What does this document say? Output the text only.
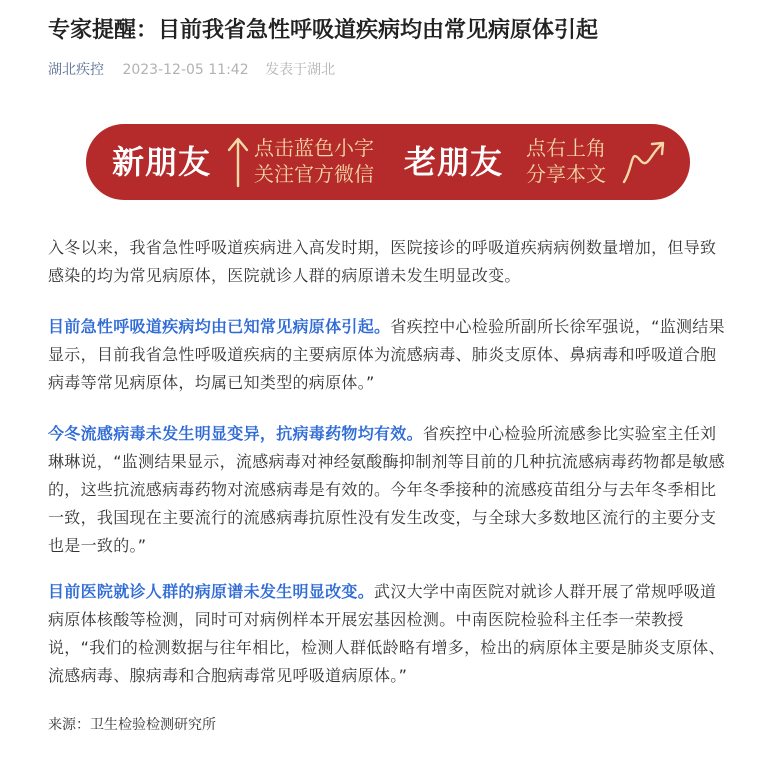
专家提醒：目前我省急性呼吸道疾病均由常见病原体引起
湖北疾控 2023-12-05 11:42 发表于湖北
新朋友 点击蓝色小字
关注官方微信 老朋友 点右上角
分享本文

入冬以来，我省急性呼吸道疾病进入高发时期，医院接诊的呼吸道疾病病例数量增加，但导致感染的均为常见病原体，医院就诊人群的病原谱未发生明显改变。

目前急性呼吸道疾病均由已知常见病原体引起。省疾控中心检验所副所长徐军强说，“监测结果显示，目前我省急性呼吸道疾病的主要病原体为流感病毒、肺炎支原体、鼻病毒和呼吸道合胞病毒等常见病原体，均属已知类型的病原体。”

今冬流感病毒未发生明显变异，抗病毒药物均有效。省疾控中心检验所流感参比实验室主任刘琳琳说，“监测结果显示，流感病毒对神经氨酸酶抑制剂等目前的几种抗流感病毒药物都是敏感的，这些抗流感病毒药物对流感病毒是有效的。今年冬季接种的流感疫苗组分与去年冬季相比一致，我国现在主要流行的流感病毒抗原性没有发生改变，与全球大多数地区流行的主要分支也是一致的。”

目前医院就诊人群的病原谱未发生明显改变。武汉大学中南医院对就诊人群开展了常规呼吸道病原体核酸等检测，同时可对病例样本开展宏基因检测。中南医院检验科主任李一荣教授说，“我们的检测数据与往年相比，检测人群低龄略有增多，检出的病原体主要是肺炎支原体、流感病毒、腺病毒和合胞病毒常见呼吸道病原体。”

来源：卫生检验检测研究所
